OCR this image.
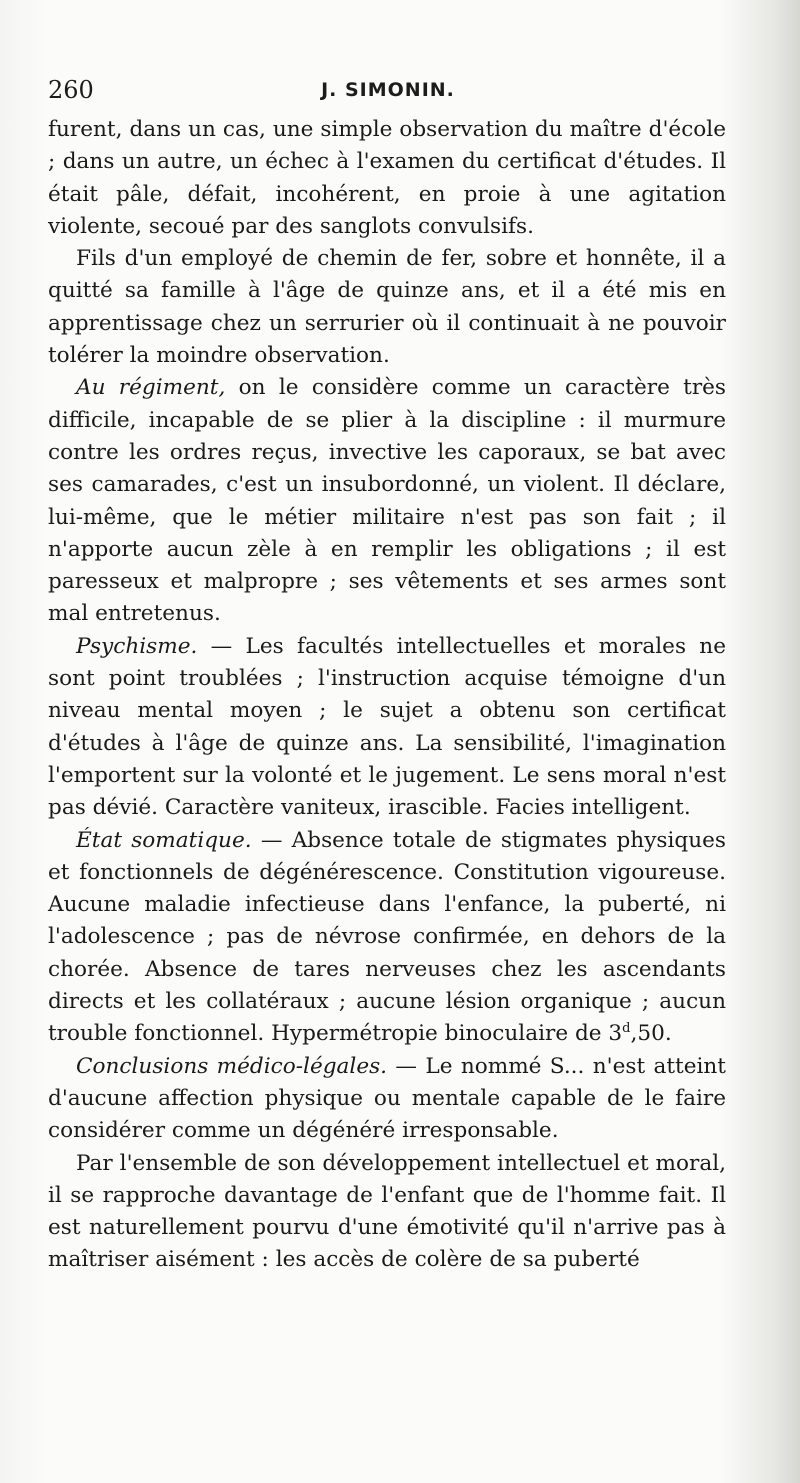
260	J. SIMONIN.

furent, dans un cas, une simple observation du maître d'école ; dans un autre, un échec à l'examen du certificat d'études. Il était pâle, défait, incohérent, en proie à une agitation violente, secoué par des sanglots convulsifs.

Fils d'un employé de chemin de fer, sobre et honnête, il a quitté sa famille à l'âge de quinze ans, et il a été mis en apprentissage chez un serrurier où il continuait à ne pouvoir tolérer la moindre observation.

Au régiment, on le considère comme un caractère très difficile, incapable de se plier à la discipline : il murmure contre les ordres reçus, invective les caporaux, se bat avec ses camarades, c'est un insubordonné, un violent. Il déclare, lui-même, que le métier militaire n'est pas son fait ; il n'apporte aucun zèle à en remplir les obligations ; il est paresseux et malpropre ; ses vêtements et ses armes sont mal entretenus.

Psychisme. — Les facultés intellectuelles et morales ne sont point troublées ; l'instruction acquise témoigne d'un niveau mental moyen ; le sujet a obtenu son certificat d'études à l'âge de quinze ans. La sensibilité, l'imagination l'emportent sur la volonté et le jugement. Le sens moral n'est pas dévié. Caractère vaniteux, irascible. Facies intelligent.

État somatique. — Absence totale de stigmates physiques et fonctionnels de dégénérescence. Constitution vigoureuse. Aucune maladie infectieuse dans l'enfance, la puberté, ni l'adolescence ; pas de névrose confirmée, en dehors de la chorée. Absence de tares nerveuses chez les ascendants directs et les collatéraux ; aucune lésion organique ; aucun trouble fonctionnel. Hypermétropie binoculaire de 3$^d$,50.

Conclusions médico-légales. — Le nommé S... n'est atteint d'aucune affection physique ou mentale capable de le faire considérer comme un dégénéré irresponsable.

Par l'ensemble de son développement intellectuel et moral, il se rapproche davantage de l'enfant que de l'homme fait. Il est naturellement pourvu d'une émotivité qu'il n'arrive pas à maîtriser aisément : les accès de colère de sa puberté
